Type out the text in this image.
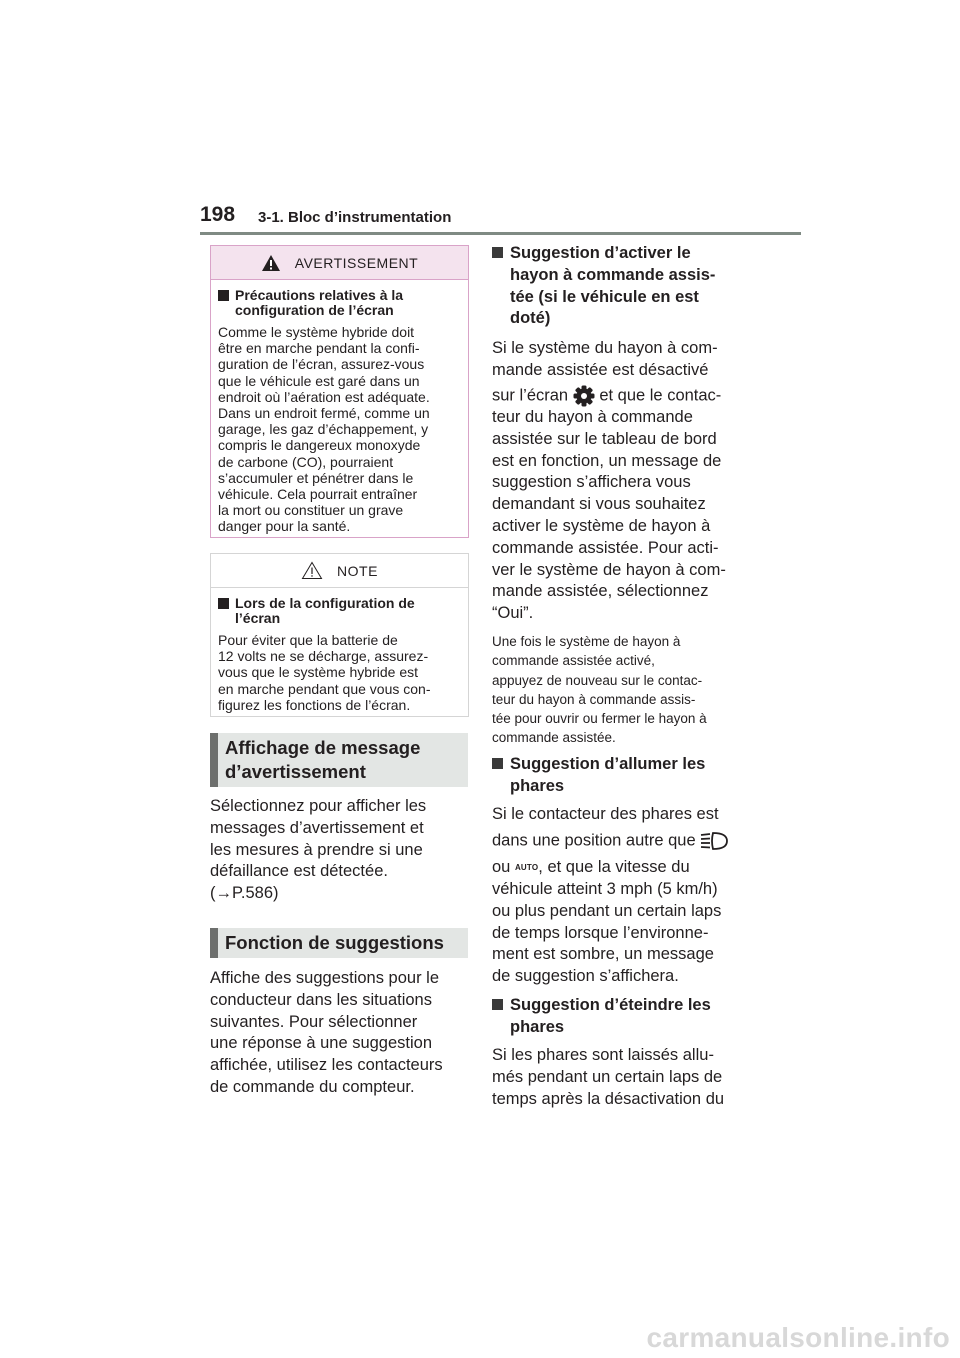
198 3-1. Bloc d’instrumentation
AVERTISSEMENT
Précautions relatives à la
configuration de l’écran
Comme le système hybride doit
être en marche pendant la confi-
guration de l’écran, assurez-vous
que le véhicule est garé dans un
endroit où l’aération est adéquate.
Dans un endroit fermé, comme un
garage, les gaz d’échappement, y
compris le dangereux monoxyde
de carbone (CO), pourraient
s’accumuler et pénétrer dans le
véhicule. Cela pourrait entraîner
la mort ou constituer un grave
danger pour la santé.
NOTE
Lors de la configuration de
l’écran
Pour éviter que la batterie de
12 volts ne se décharge, assurez-
vous que le système hybride est
en marche pendant que vous con-
figurez les fonctions de l’écran.
Affichage de message
d’avertissement
Sélectionnez pour afficher les
messages d’avertissement et
les mesures à prendre si une
défaillance est détectée.
(→P.586)
Fonction de suggestions
Affiche des suggestions pour le
conducteur dans les situations
suivantes. Pour sélectionner
une réponse à une suggestion
affichée, utilisez les contacteurs
de commande du compteur.
Suggestion d’activer le
hayon à commande assis-
tée (si le véhicule en est
doté)
Si le système du hayon à com-
mande assistée est désactivé
sur l’écran et que le contac-
teur du hayon à commande
assistée sur le tableau de bord
est en fonction, un message de
suggestion s’affichera vous
demandant si vous souhaitez
activer le système de hayon à
commande assistée. Pour acti-
ver le système de hayon à com-
mande assistée, sélectionnez
“Oui”.
Une fois le système de hayon à
commande assistée activé,
appuyez de nouveau sur le contac-
teur du hayon à commande assis-
tée pour ouvrir ou fermer le hayon à
commande assistée.
Suggestion d’allumer les
phares
Si le contacteur des phares est
dans une position autre que
ou AUTO, et que la vitesse du
véhicule atteint 3 mph (5 km/h)
ou plus pendant un certain laps
de temps lorsque l’environne-
ment est sombre, un message
de suggestion s’affichera.
Suggestion d’éteindre les
phares
Si les phares sont laissés allu-
més pendant un certain laps de
temps après la désactivation du
carmanualsonline.info
